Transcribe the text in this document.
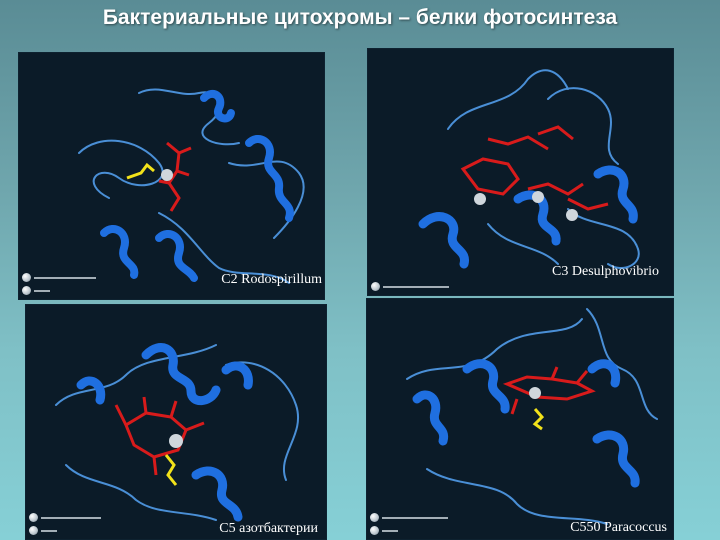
Бактериальные цитохромы – белки фотосинтеза
C2 Rodospirillum
C3 Desulphovibrio
C5 азотбактерии	C550 Paracoccus
